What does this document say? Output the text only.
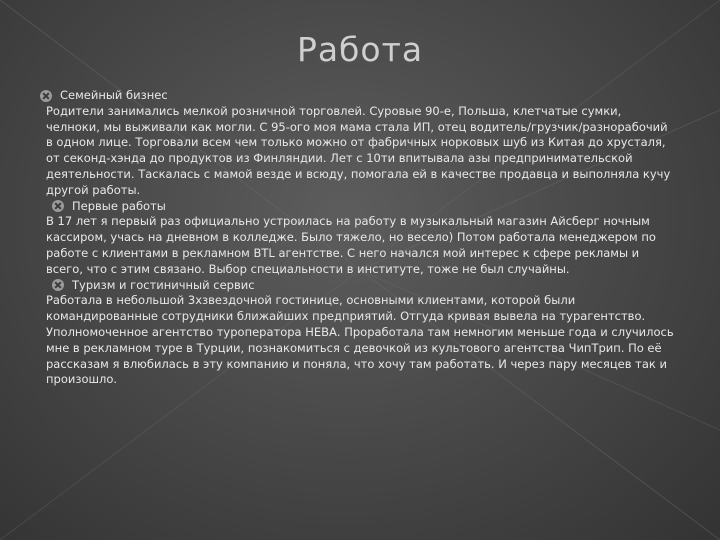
Работа
Семейный бизнес

Родители занимались мелкой розничной торговлей. Суровые 90-е, Польша, клетчатые сумки, челноки, мы выживали как могли. С 95-ого моя мама стала ИП, отец водитель/грузчик/разнорабочий в одном лице. Торговали всем чем только можно от фабричных норковых шуб из Китая до хрусталя, от секонд-хэнда до продуктов из Финляндии. Лет с 10ти впитывала азы предпринимательской деятельности. Таскалась с мамой везде и всюду, помогала ей в качестве продавца и выполняла кучу другой работы.

Первые работы

В 17 лет я первый раз официально устроилась на работу в музыкальный магазин Айсберг ночным кассиром, учась на дневном в колледже. Было тяжело, но весело) Потом работала менеджером по работе с клиентами в рекламном BTL агентстве. С него начался мой интерес к сфере рекламы и всего, что с этим связано. Выбор специальности в институте, тоже не был случайны.

Туризм и гостиничный сервис

Работала в небольшой 3хзвездочной гостинице, основными клиентами, которой были командированные сотрудники ближайших предприятий. Отгуда кривая вывела на турагентство. Уполномоченное агентство туроператора НЕВА. Проработала там немногим меньше года и случилось мне в рекламном туре в Турции, познакомиться с девочкой из культового агентства ЧипТрип. По её рассказам я влюбилась в эту компанию и поняла, что хочу там работать. И через пару месяцев так и произошло.
